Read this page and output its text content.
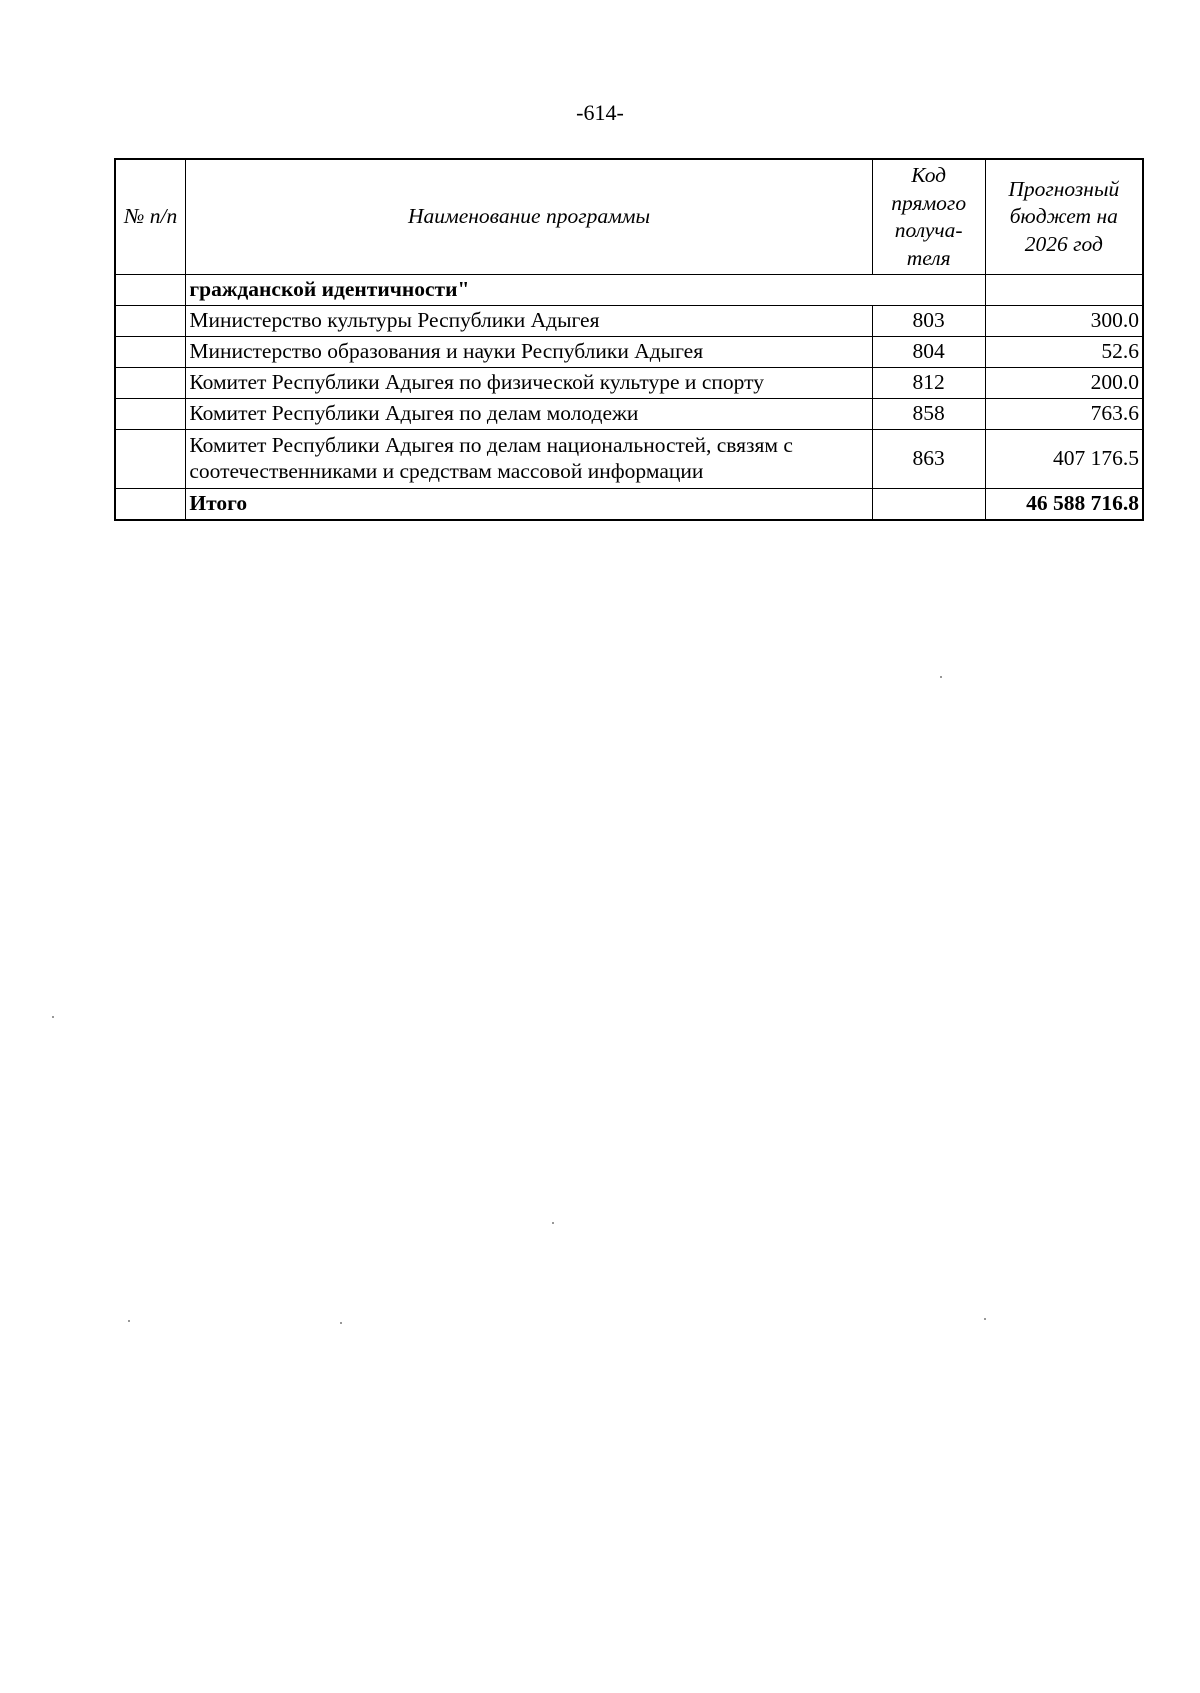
-614-
№ п/п	Наименование программы	Код прямого получа-теля	Прогнозный бюджет на 2026 год
	гражданской идентичности"		
	Министерство культуры Республики Адыгея	803	300.0
	Министерство образования и науки Республики Адыгея	804	52.6
	Комитет Республики Адыгея по физической культуре и спорту	812	200.0
	Комитет Республики Адыгея по делам молодежи	858	763.6
	Комитет Республики Адыгея по делам национальностей, связям с соотечественниками и средствам массовой информации	863	407 176.5
	Итого		46 588 716.8
